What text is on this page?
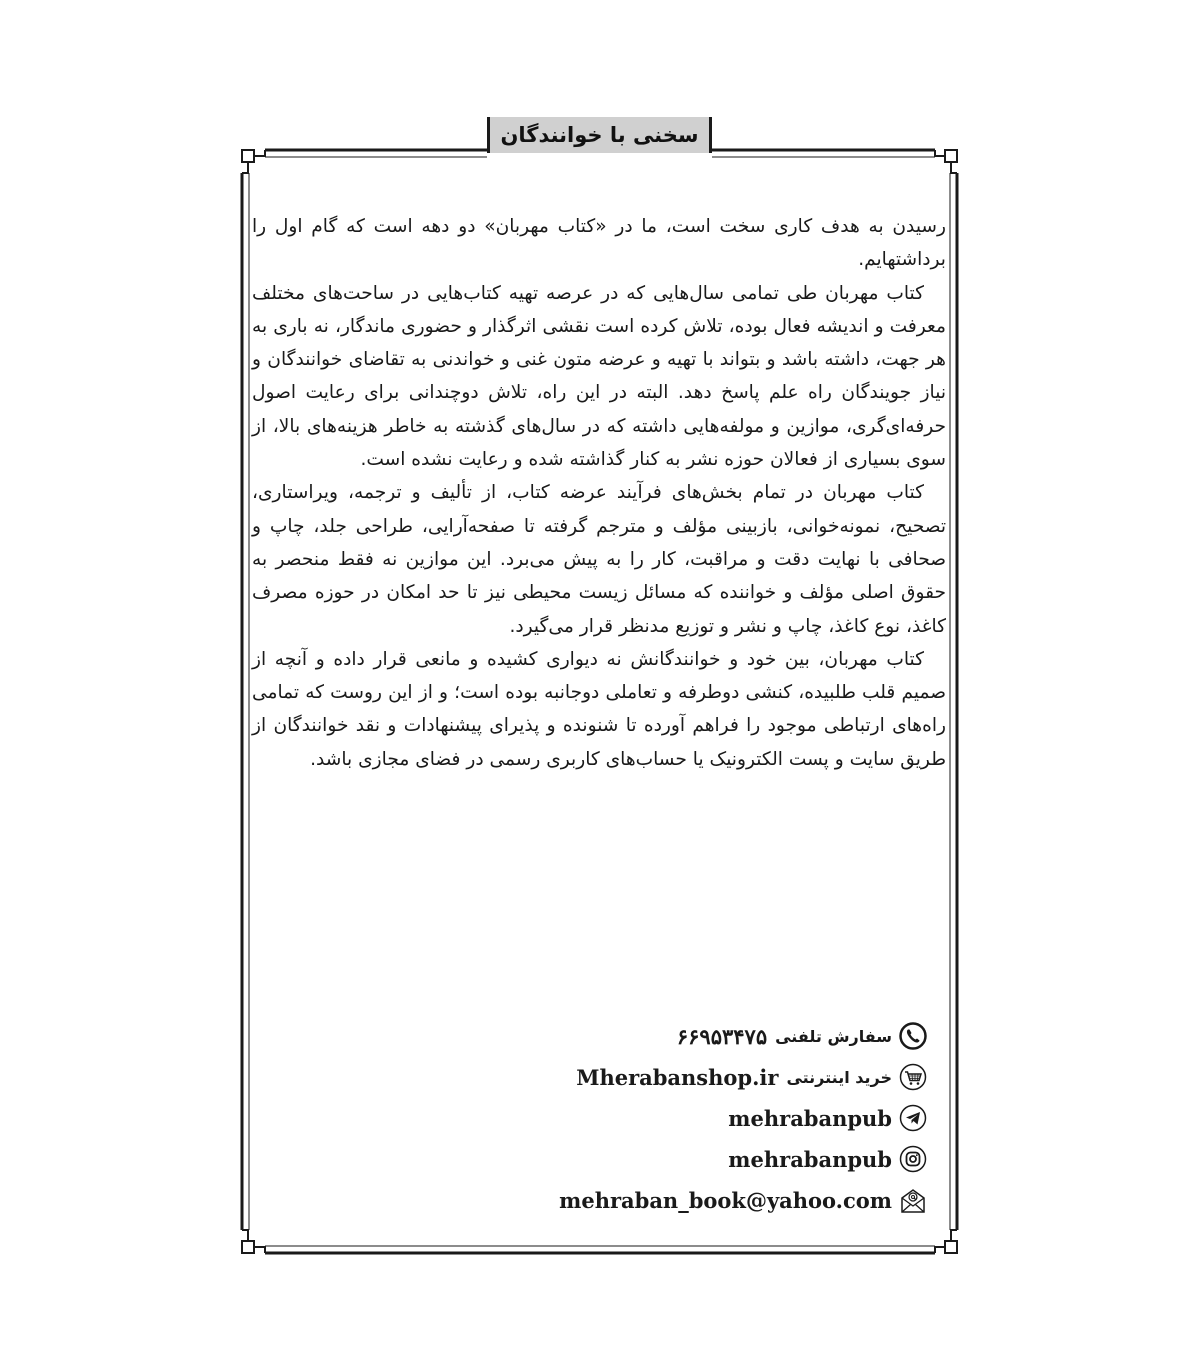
سخنی با خوانندگان

رسیدن به هدف کاری سخت است، ما در «کتاب مهربان» دو دهه است که گام اول را برداشتهایم.

کتاب مهربان طی تمامی سال‌هایی که در عرصه تهیه کتاب‌هایی در ساحت‌های مختلف معرفت و اندیشه فعال بوده، تلاش کرده است نقشی اثرگذار و حضوری ماندگار، نه باری به هر جهت، داشته باشد و بتواند با تهیه و عرضه متون غنی و خواندنی به تقاضای خوانندگان و نیاز جویندگان راه علم پاسخ دهد. البته در این راه، تلاش دوچندانی برای رعایت اصول حرفه‌ای‌گری، موازین و مولفه‌هایی داشته که در سال‌های گذشته به خاطر هزینه‌های بالا، از سوی بسیاری از فعالان حوزه نشر به کنار گذاشته شده و رعایت نشده است.

کتاب مهربان در تمام بخش‌های فرآیند عرضه کتاب، از تألیف و ترجمه، ویراستاری، تصحیح، نمونه‌خوانی، بازبینی مؤلف و مترجم گرفته تا صفحه‌آرایی، طراحی جلد، چاپ و صحافی با نهایت دقت و مراقبت، کار را به پیش می‌برد. این موازین نه فقط منحصر به حقوق اصلی مؤلف و خواننده که مسائل زیست محیطی نیز تا حد امکان در حوزه مصرف کاغذ، نوع کاغذ، چاپ و نشر و توزیع مدنظر قرار می‌گیرد.

کتاب مهربان، بین خود و خوانندگانش نه دیواری کشیده و مانعی قرار داده و آنچه از صمیم قلب طلبیده، کنشی دوطرفه و تعاملی دوجانبه بوده است؛ و از این روست که تمامی راه‌های ارتباطی موجود را فراهم آورده تا شنونده و پذیرای پیشنهادات و نقد خوانندگان از طریق سایت و پست الکترونیک یا حساب‌های کاربری رسمی در فضای مجازی باشد.

۶۶۹۵۳۴۷۵ سفارش تلفنی
Mherabanshop.ir خرید اینترنتی
mehrabanpub
mehrabanpub
mehraban_book@yahoo.com
